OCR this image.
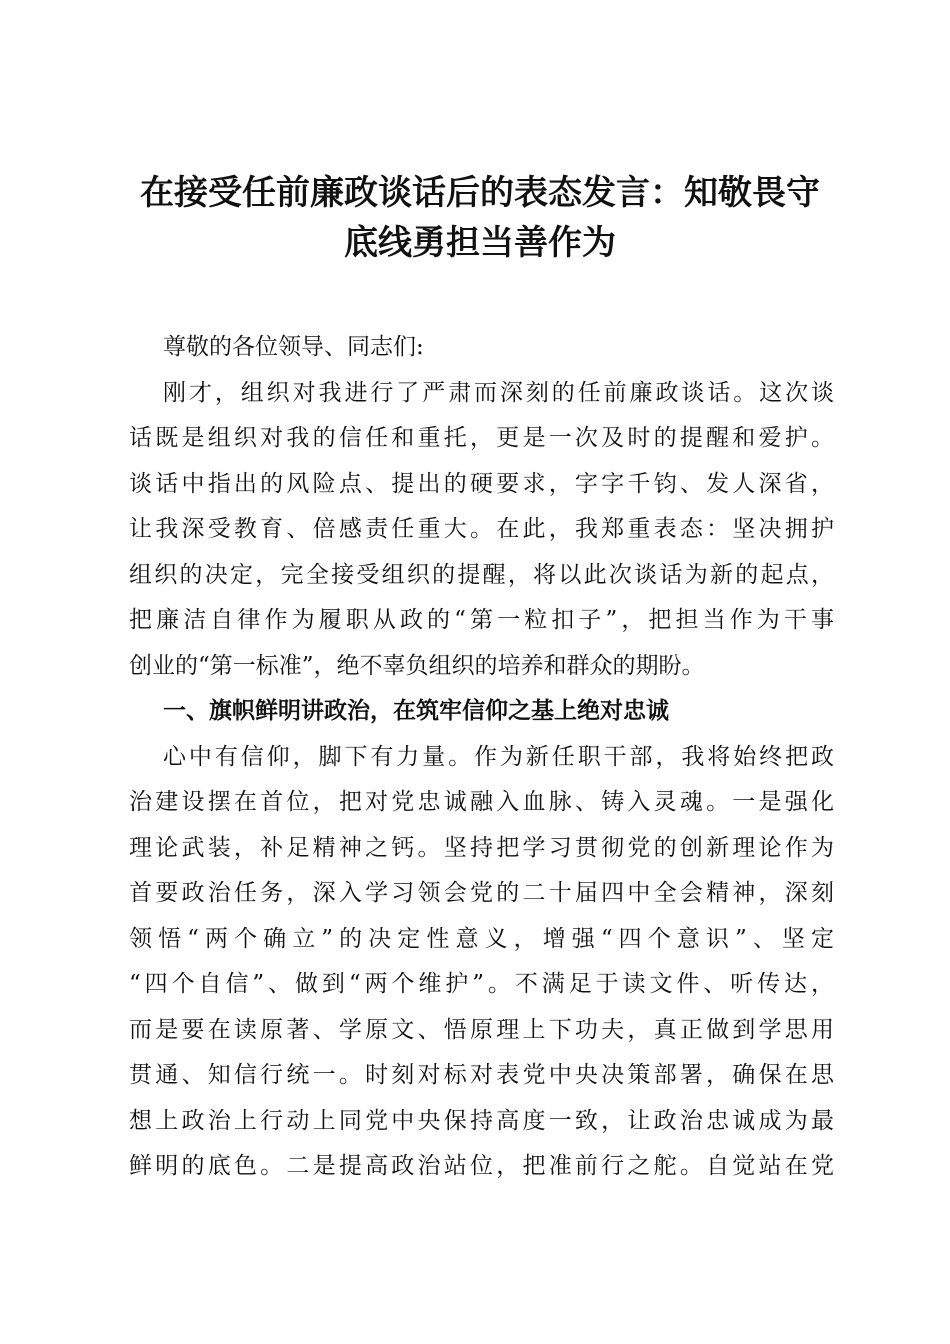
在接受任前廉政谈话后的表态发言：知敬畏守
底线勇担当善作为
尊敬的各位领导、同志们:
刚才，组织对我进行了严肃而深刻的任前廉政谈话。这次谈
话既是组织对我的信任和重托，更是一次及时的提醒和爱护。
谈话中指出的风险点、提出的硬要求，字字千钧、发人深省，
让我深受教育、倍感责任重大。在此，我郑重表态：坚决拥护
组织的决定，完全接受组织的提醒，将以此次谈话为新的起点，
把廉洁自律作为履职从政的“第一粒扣子”，把担当作为干事
创业的“第一标准”，绝不辜负组织的培养和群众的期盼。
一、旗帜鲜明讲政治，在筑牢信仰之基上绝对忠诚
心中有信仰，脚下有力量。作为新任职干部，我将始终把政
治建设摆在首位，把对党忠诚融入血脉、铸入灵魂。一是强化
理论武装，补足精神之钙。坚持把学习贯彻党的创新理论作为
首要政治任务，深入学习领会党的二十届四中全会精神，深刻
领悟“两个确立”的决定性意义，增强“四个意识”、坚定
“四个自信”、做到“两个维护”。不满足于读文件、听传达，
而是要在读原著、学原文、悟原理上下功夫，真正做到学思用
贯通、知信行统一。时刻对标对表党中央决策部署，确保在思
想上政治上行动上同党中央保持高度一致，让政治忠诚成为最
鲜明的底色。二是提高政治站位，把准前行之舵。自觉站在党
